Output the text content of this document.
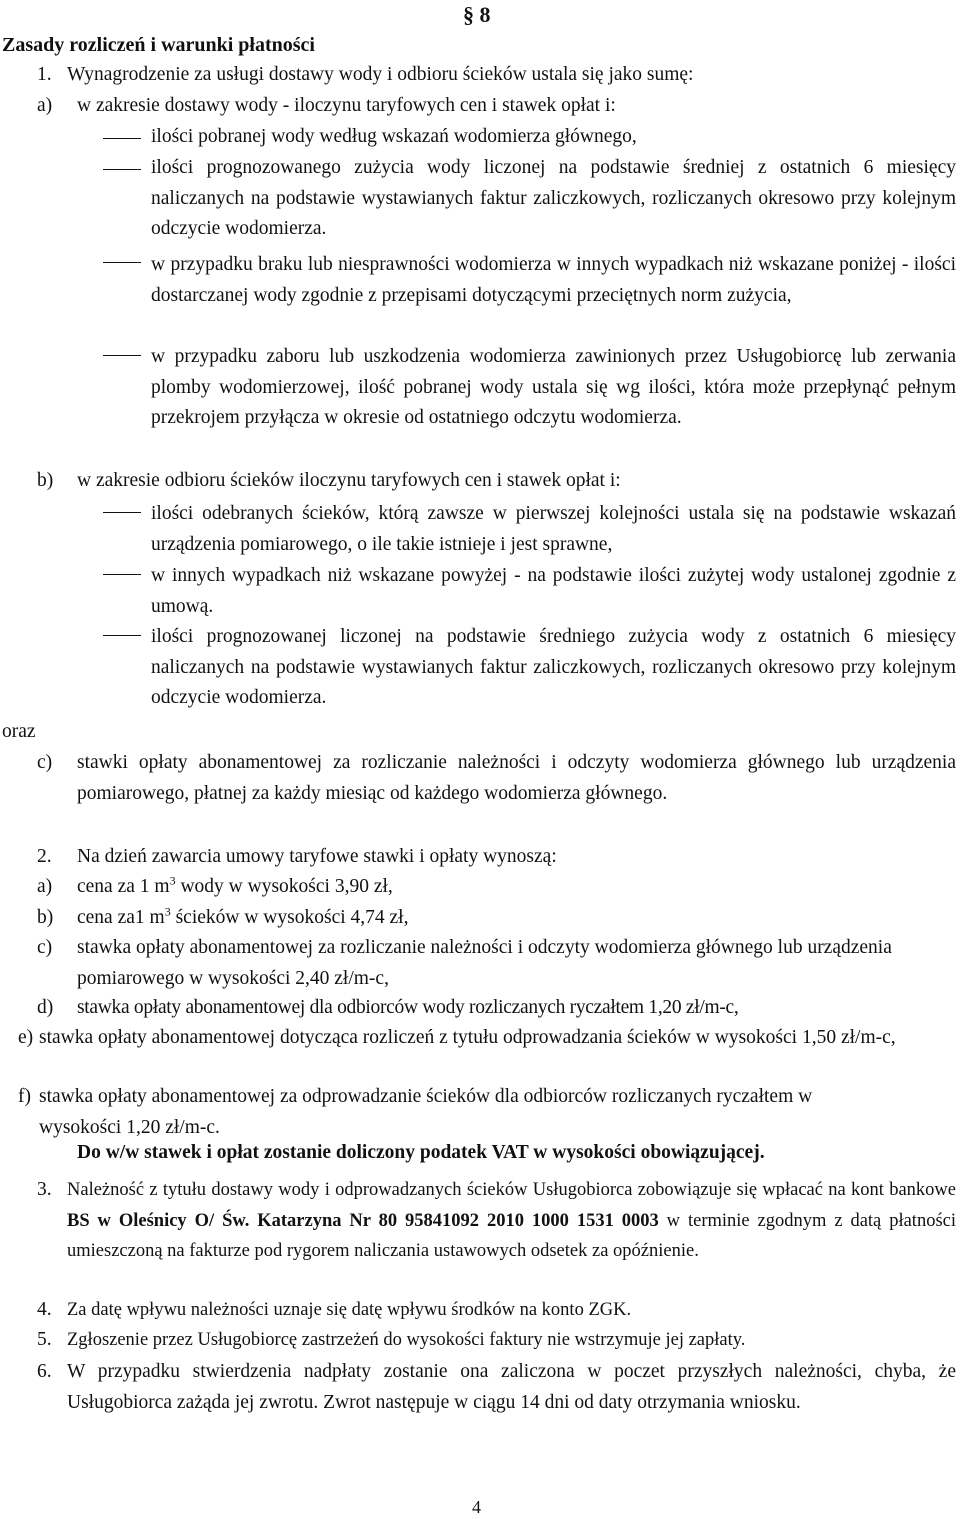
§ 8
Zasady rozliczeń i warunki płatności
1. Wynagrodzenie za usługi dostawy wody i odbioru ścieków ustala się jako sumę:
a) w zakresie dostawy wody - iloczynu taryfowych cen i stawek opłat i:
ilości pobranej wody według wskazań wodomierza głównego,
ilości prognozowanego zużycia wody liczonej na podstawie średniej z ostatnich 6 miesięcy naliczanych na podstawie wystawianych faktur zaliczkowych, rozliczanych okresowo przy kolejnym odczycie wodomierza.
w przypadku braku lub niesprawności wodomierza w innych wypadkach niż wskazane poniżej - ilości dostarczanej wody zgodnie z przepisami dotyczącymi przeciętnych norm zużycia,
w przypadku zaboru lub uszkodzenia wodomierza zawinionych przez Usługobiorcę lub zerwania plomby wodomierzowej, ilość pobranej wody ustala się wg ilości, która może przepłynąć pełnym przekrojem przyłącza w okresie od ostatniego odczytu wodomierza.
b) w zakresie odbioru ścieków iloczynu taryfowych cen i stawek opłat i:
ilości odebranych ścieków, którą zawsze w pierwszej kolejności ustala się na podstawie wskazań urządzenia pomiarowego, o ile takie istnieje i jest sprawne,
w innych wypadkach niż wskazane powyżej - na podstawie ilości zużytej wody ustalonej zgodnie z umową.
ilości prognozowanej liczonej na podstawie średniego zużycia wody z ostatnich 6 miesięcy naliczanych na podstawie wystawianych faktur zaliczkowych, rozliczanych okresowo przy kolejnym odczycie wodomierza.
oraz
c) stawki opłaty abonamentowej za rozliczanie należności i odczyty wodomierza głównego lub urządzenia pomiarowego, płatnej za każdy miesiąc od każdego wodomierza głównego.
2. Na dzień zawarcia umowy taryfowe stawki i opłaty wynoszą:
a) cena za 1 $m^3$ wody w wysokości 3,90 zł,
b) cena za1 $m^3$ ścieków w wysokości 4,74 zł,
c) stawka opłaty abonamentowej za rozliczanie należności i odczyty wodomierza głównego lub urządzenia pomiarowego w wysokości 2,40 zł/m-c,
d) stawka opłaty abonamentowej dla odbiorców wody rozliczanych ryczałtem 1,20 zł/m-c,
e) stawka opłaty abonamentowej dotycząca rozliczeń z tytułu odprowadzania ścieków w wysokości 1,50 zł/m-c,
f) stawka opłaty abonamentowej za odprowadzanie ścieków dla odbiorców rozliczanych ryczałtem w wysokości 1,20 zł/m-c.
Do w/w stawek i opłat zostanie doliczony podatek VAT w wysokości obowiązującej.
3. Należność z tytułu dostawy wody i odprowadzanych ścieków Usługobiorca zobowiązuje się wpłacać na kont bankowe BS w Oleśnicy O/ Św. Katarzyna Nr 80 95841092 2010 1000 1531 0003 w terminie zgodnym z datą płatności umieszczoną na fakturze pod rygorem naliczania ustawowych odsetek za opóźnienie.
4. Za datę wpływu należności uznaje się datę wpływu środków na konto ZGK.
5. Zgłoszenie przez Usługobiorcę zastrzeżeń do wysokości faktury nie wstrzymuje jej zapłaty.
6. W przypadku stwierdzenia nadpłaty zostanie ona zaliczona w poczet przyszłych należności, chyba, że Usługobiorca zażąda jej zwrotu. Zwrot następuje w ciągu 14 dni od daty otrzymania wniosku.
4
